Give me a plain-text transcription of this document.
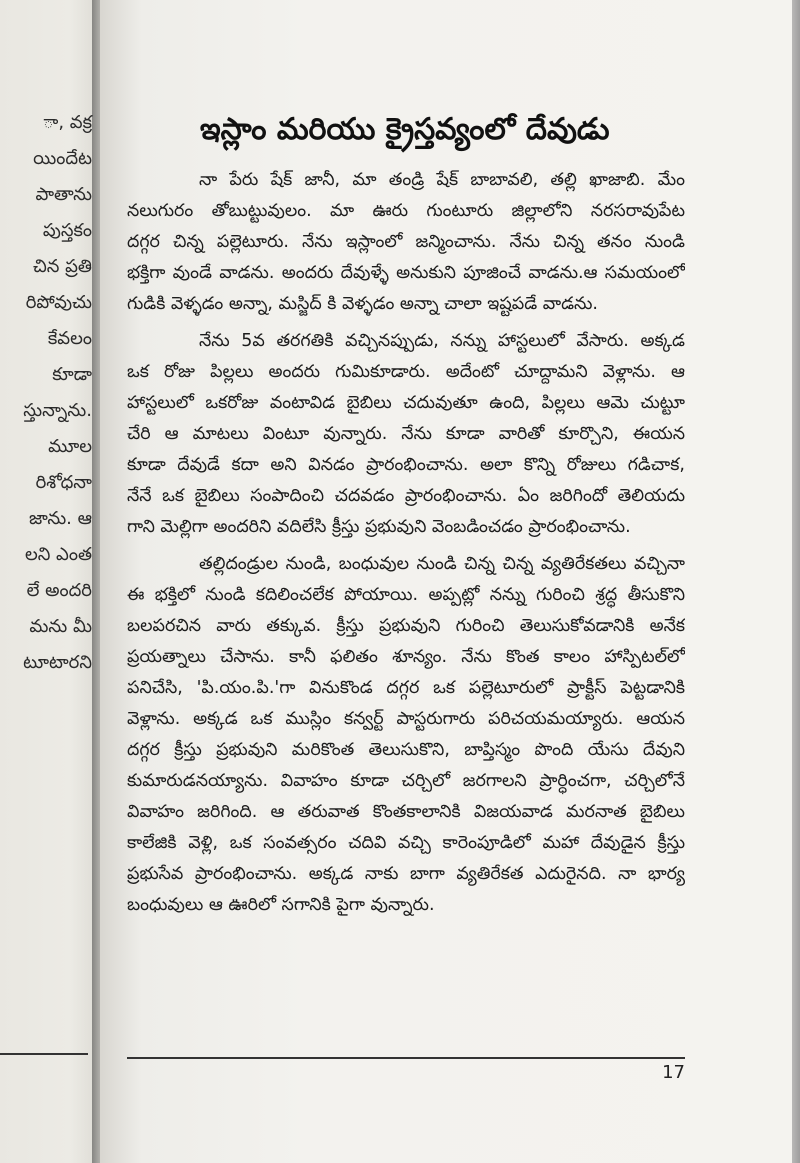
ా, వక్ర
యిందేట
పాతాను
పుస్తకం
చిన ప్రతి
రిపోవుచు
కేవలం
కూడా
స్తున్నాను.
మూల
రిశోధనా
జాను. ఆ
లని ఎంత
లే అందరి
మను మీ
టూటారని
ఇస్లాం మరియు క్రైస్తవ్యంలో దేవుడు
నా పేరు షేక్ జానీ, మా తండ్రి షేక్ బాబావలి, తల్లి ఖాజాబి. మేం
నలుగురం తోబుట్టువులం. మా ఊరు గుంటూరు జిల్లాలోని నరసరావుపేట
దగ్గర చిన్న పల్లెటూరు. నేను ఇస్లాంలో జన్మించాను. నేను చిన్న తనం నుండి
భక్తిగా వుండే వాడను. అందరు దేవుళ్ళే అనుకుని పూజించే వాడను.ఆ సమయంలో
గుడికి వెళ్ళడం అన్నా, మస్జిద్ కి వెళ్ళడం అన్నా చాలా ఇష్టపడే వాడను.
నేను 5వ తరగతికి వచ్చినప్పుడు, నన్ను హాస్టలులో వేసారు. అక్కడ
ఒక రోజు పిల్లలు అందరు గుమికూడారు. అదేంటో చూద్దామని వెళ్లాను. ఆ
హాస్టలులో ఒకరోజు వంటావిడ బైబిలు చదువుతూ ఉంది, పిల్లలు ఆమె చుట్టూ
చేరి ఆ మాటలు వింటూ వున్నారు. నేను కూడా వారితో కూర్చొని, ఈయన
కూడా దేవుడే కదా అని వినడం ప్రారంభించాను. అలా కొన్ని రోజులు గడిచాక,
నేనే ఒక బైబిలు సంపాదించి చదవడం ప్రారంభించాను. ఏం జరిగిందో తెలియదు
గాని మెల్లిగా అందరిని వదిలేసి క్రీస్తు ప్రభువుని వెంబడించడం ప్రారంభించాను.
తల్లిదండ్రుల నుండి, బంధువుల నుండి చిన్న చిన్న వ్యతిరేకతలు వచ్చినా
ఈ భక్తిలో నుండి కదిలించలేక పోయాయి. అప్పట్లో నన్ను గురించి శ్రద్ధ తీసుకొని
బలపరచిన వారు తక్కువ. క్రీస్తు ప్రభువుని గురించి తెలుసుకోవడానికి అనేక
ప్రయత్నాలు చేసాను. కానీ ఫలితం శూన్యం. నేను కొంత కాలం హాస్పిటల్‌లో
పనిచేసి, 'పి.యం.పి.'గా వినుకొండ దగ్గర ఒక పల్లెటూరులో ప్రాక్టీస్ పెట్టడానికి
వెళ్లాను. అక్కడ ఒక ముస్లిం కన్వర్ట్ పాస్టరుగారు పరిచయమయ్యారు. ఆయన
దగ్గర క్రీస్తు ప్రభువుని మరికొంత తెలుసుకొని, బాప్తిస్మం పొంది యేసు దేవుని
కుమారుడనయ్యాను. వివాహం కూడా చర్చిలో జరగాలని ప్రార్ధించగా, చర్చిలోనే
వివాహం జరిగింది. ఆ తరువాత కొంతకాలానికి విజయవాడ మరనాత బైబిలు
కాలేజికి వెళ్లి, ఒక సంవత్సరం చదివి వచ్చి కారెంపూడిలో మహా దేవుడైన క్రీస్తు
ప్రభుసేవ ప్రారంభించాను. అక్కడ నాకు బాగా వ్యతిరేకత ఎదురైనది. నా భార్య
బంధువులు ఆ ఊరిలో సగానికి పైగా వున్నారు.
17
